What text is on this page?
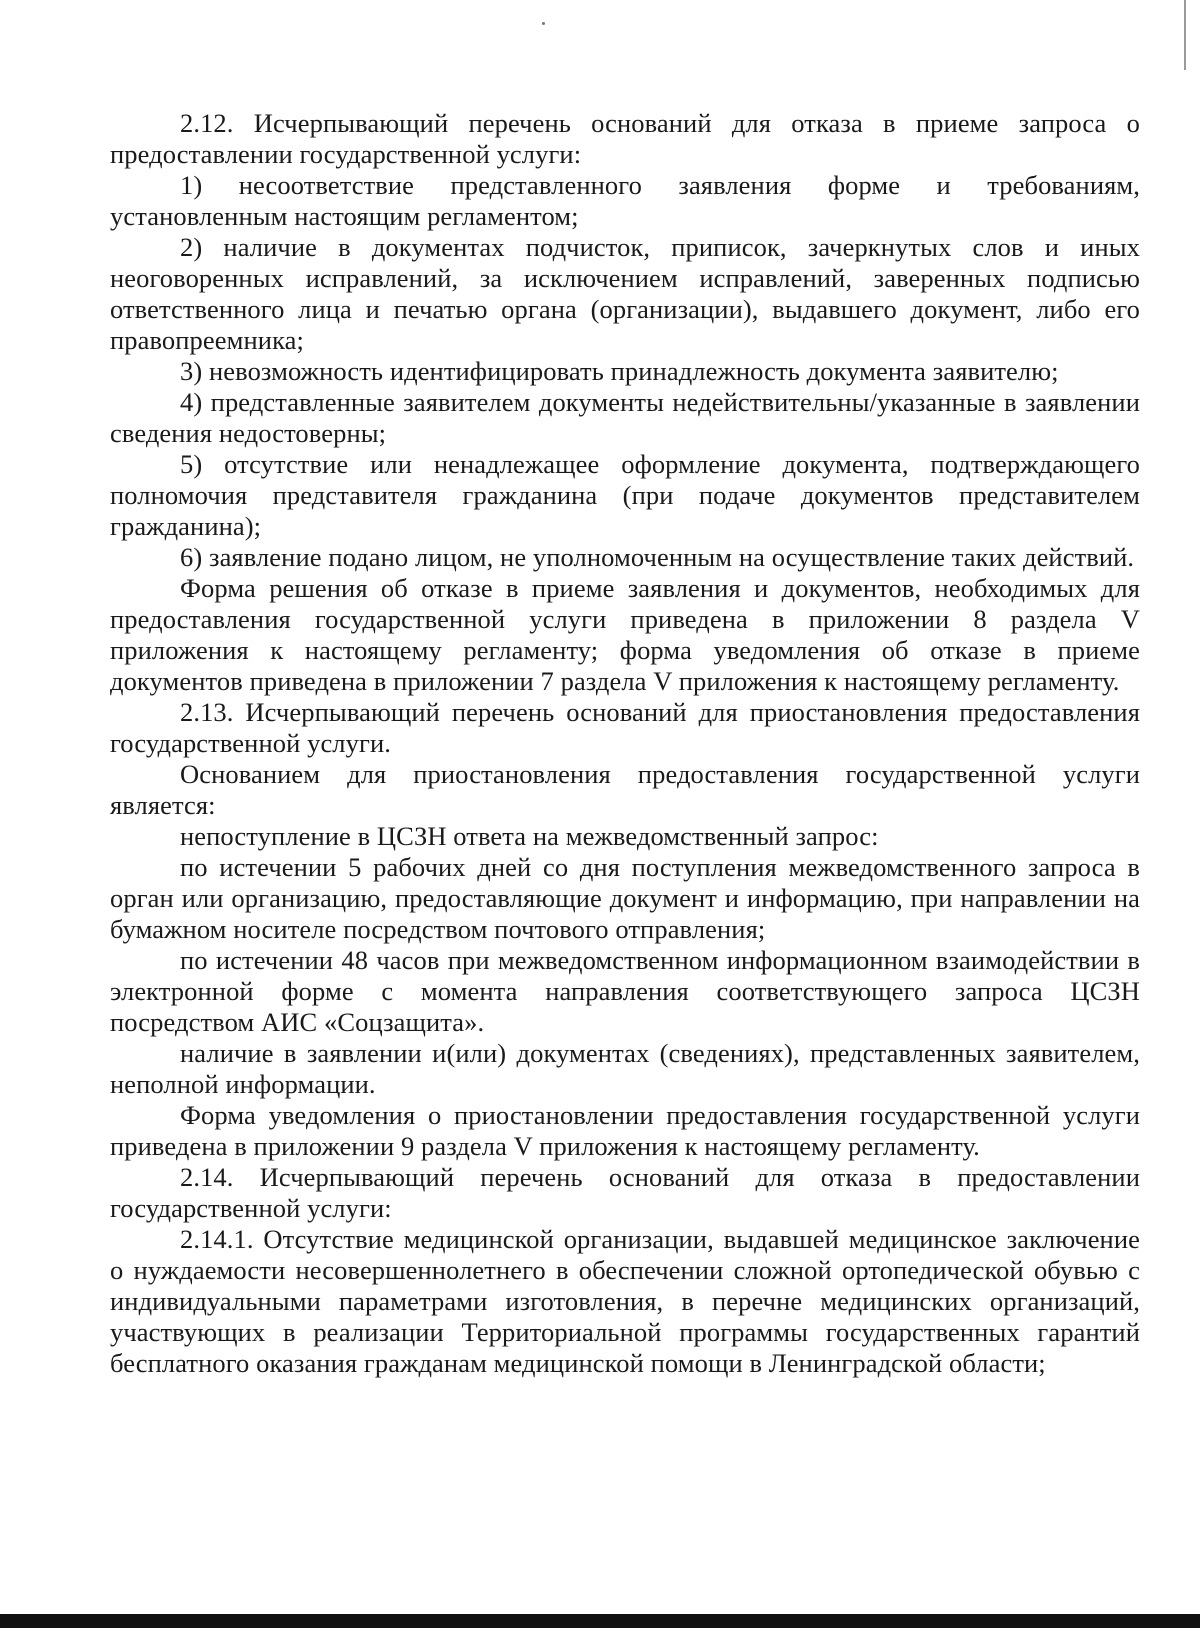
2.12. Исчерпывающий перечень оснований для отказа в приеме запроса о предоставлении государственной услуги:

1) несоответствие представленного заявления форме и требованиям, установленным настоящим регламентом;

2) наличие в документах подчисток, приписок, зачеркнутых слов и иных неоговоренных исправлений, за исключением исправлений, заверенных подписью ответственного лица и печатью органа (организации), выдавшего документ, либо его правопреемника;

3) невозможность идентифицировать принадлежность документа заявителю;

4) представленные заявителем документы недействительны/указанные в заявлении сведения недостоверны;

5) отсутствие или ненадлежащее оформление документа, подтверждающего полномочия представителя гражданина (при подаче документов представителем гражданина);

6) заявление подано лицом, не уполномоченным на осуществление таких действий.

Форма решения об отказе в приеме заявления и документов, необходимых для предоставления государственной услуги приведена в приложении 8 раздела V приложения к настоящему регламенту; форма уведомления об отказе в приеме документов приведена в приложении 7 раздела V приложения к настоящему регламенту.

2.13. Исчерпывающий перечень оснований для приостановления предоставления государственной услуги.

Основанием для приостановления предоставления государственной услуги является:

непоступление в ЦСЗН ответа на межведомственный запрос:

по истечении 5 рабочих дней со дня поступления межведомственного запроса в орган или организацию, предоставляющие документ и информацию, при направлении на бумажном носителе посредством почтового отправления;

по истечении 48 часов при межведомственном информационном взаимодействии в электронной форме с момента направления соответствующего запроса ЦСЗН посредством АИС «Соцзащита».

наличие в заявлении и(или) документах (сведениях), представленных заявителем, неполной информации.

Форма уведомления о приостановлении предоставления государственной услуги приведена в приложении 9 раздела V приложения к настоящему регламенту.

2.14. Исчерпывающий перечень оснований для отказа в предоставлении государственной услуги:

2.14.1. Отсутствие медицинской организации, выдавшей медицинское заключение о нуждаемости несовершеннолетнего в обеспечении сложной ортопедической обувью с индивидуальными параметрами изготовления, в перечне медицинских организаций, участвующих в реализации Территориальной программы государственных гарантий бесплатного оказания гражданам медицинской помощи в Ленинградской области;
